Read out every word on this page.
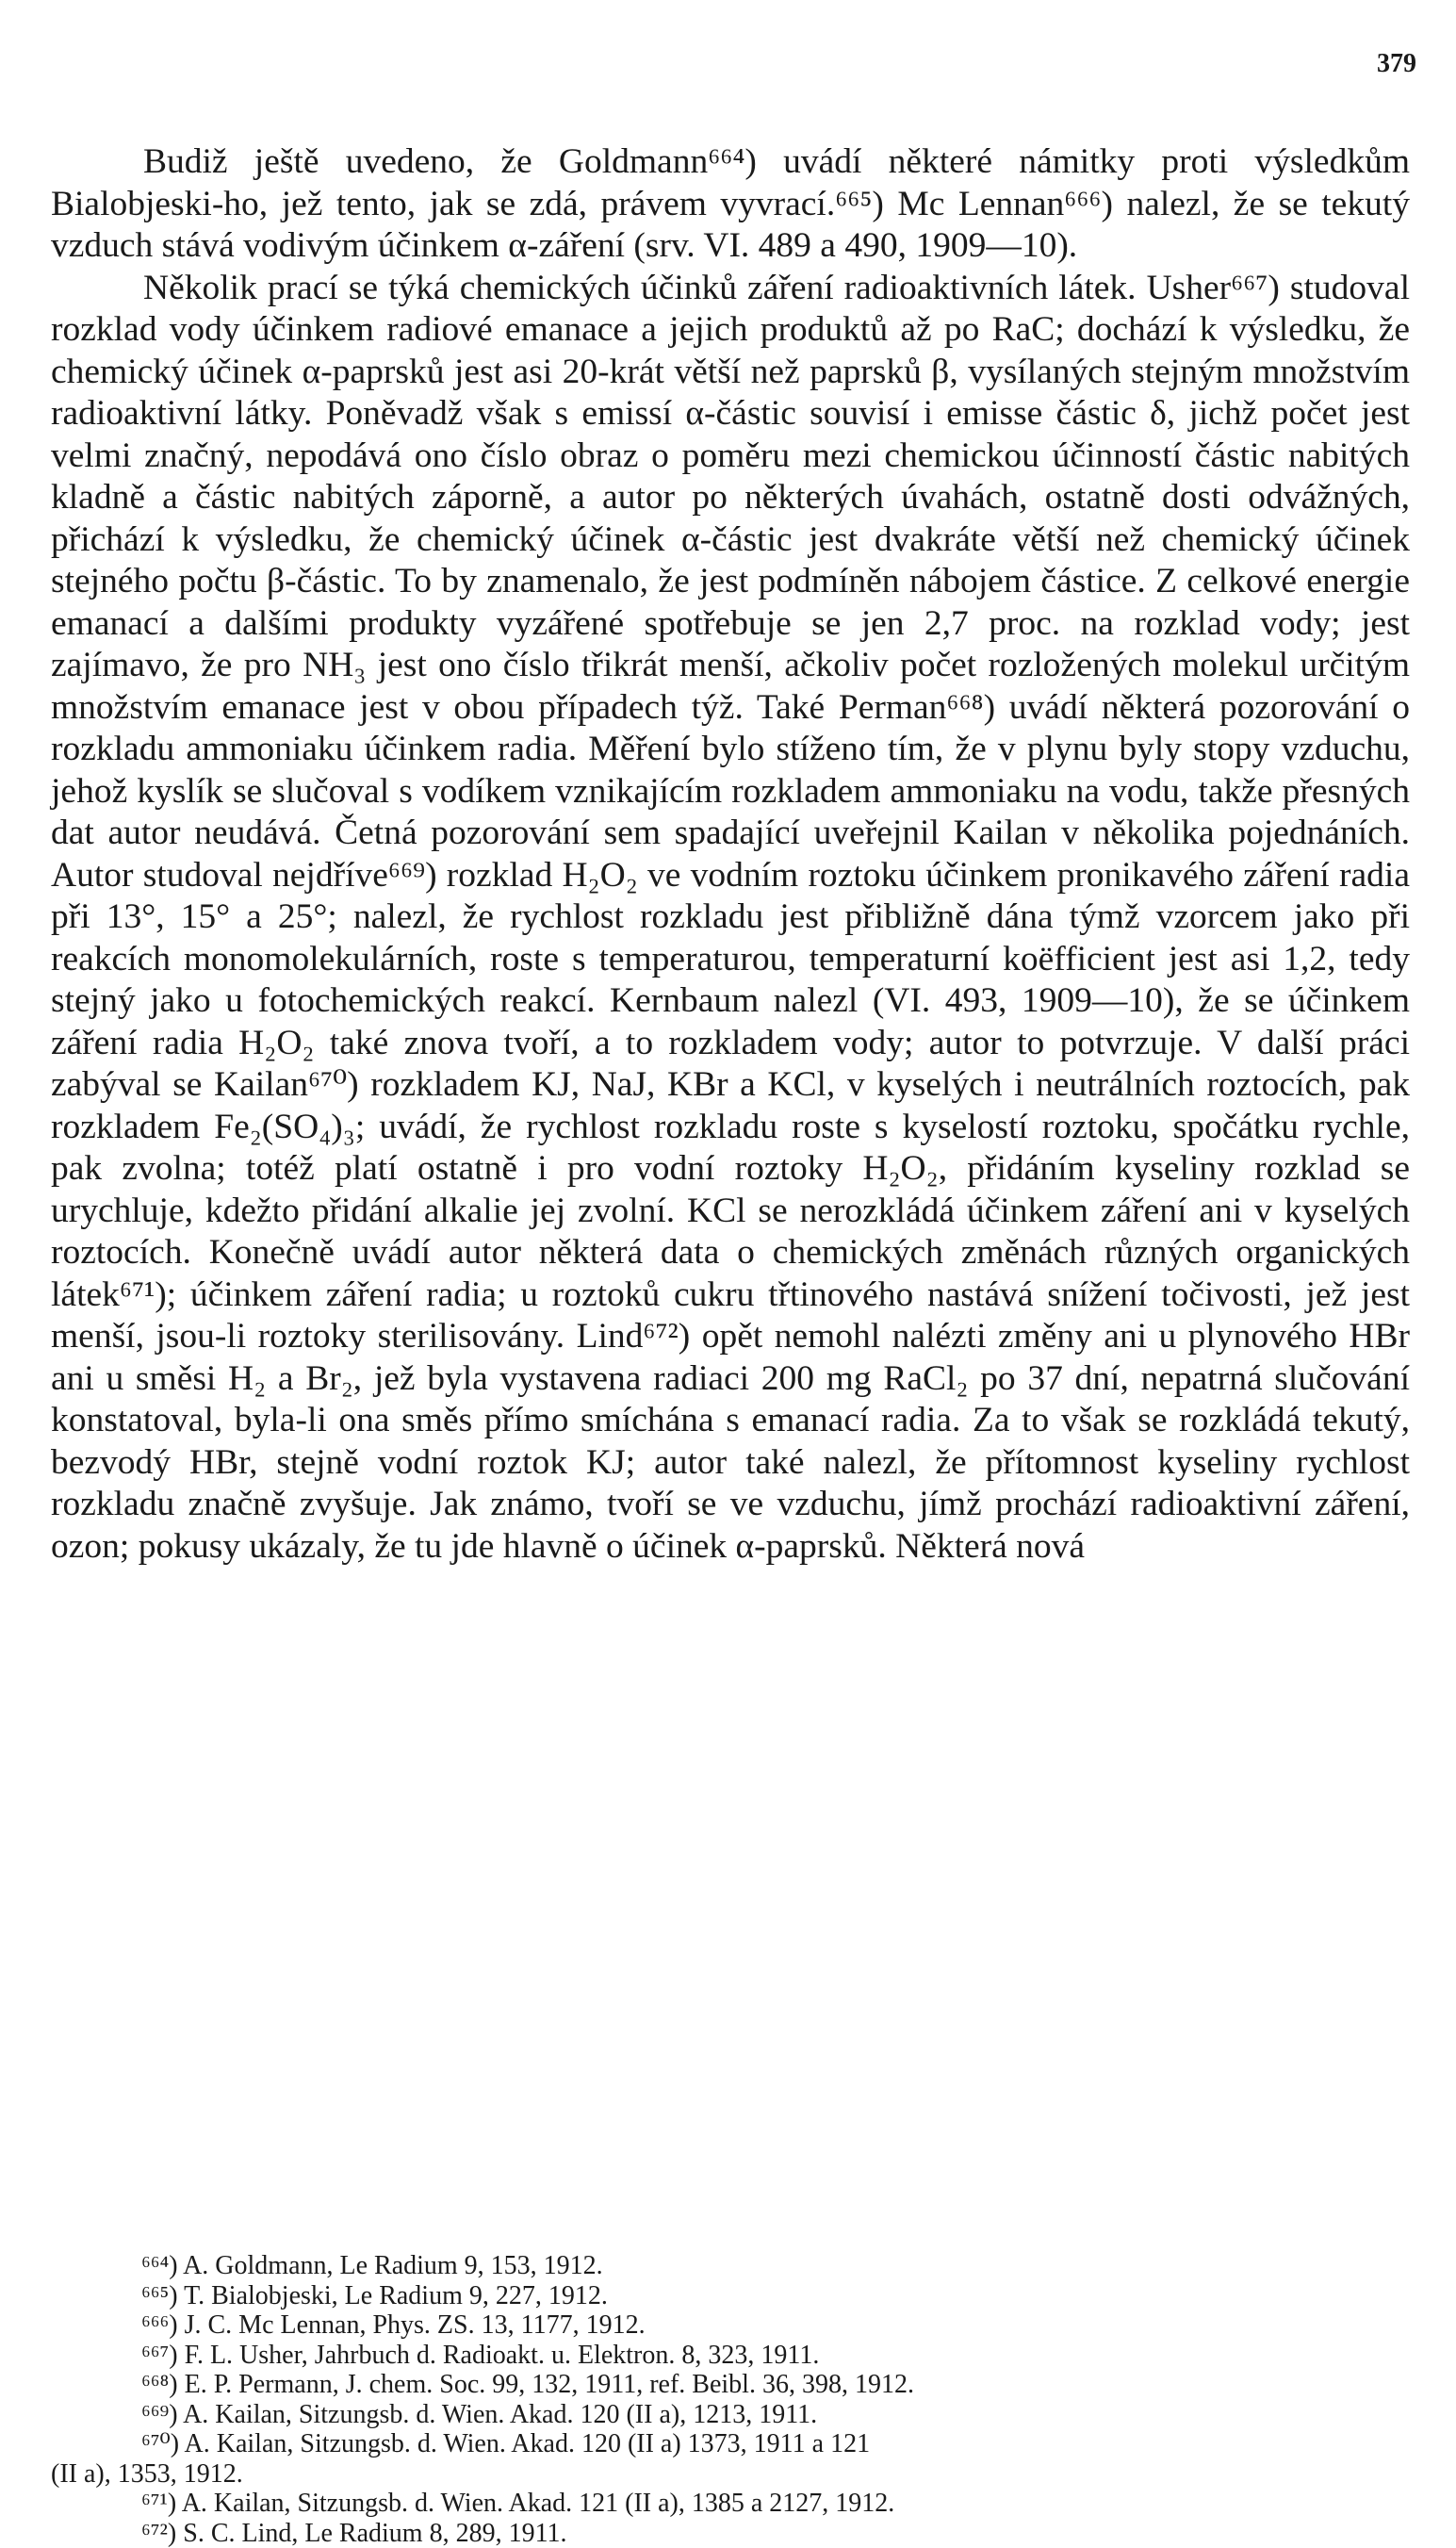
379

Budiž ještě uvedeno, že Goldmann⁶⁶⁴) uvádí některé námitky proti výsledkům Bialobjeski-ho, jež tento, jak se zdá, právem vyvrací.⁶⁶⁵) Mc Lennan⁶⁶⁶) nalezl, že se tekutý vzduch stává vodivým účinkem α-záření (srv. VI. 489 a 490, 1909—10).

Několik prací se týká chemických účinků záření radioaktivních látek. Usher⁶⁶⁷) studoval rozklad vody účinkem radiové emanace a jejich produktů až po RaC; dochází k výsledku, že chemický účinek α-paprsků jest asi 20-krát větší než paprsků β, vysílaných stejným množstvím radioaktivní látky. Poněvadž však s emissí α-částic souvisí i emisse částic δ, jichž počet jest velmi značný, nepodává ono číslo obraz o poměru mezi chemickou účinností částic nabitých kladně a částic nabitých záporně, a autor po některých úvahách, ostatně dosti odvážných, přichází k výsledku, že chemický účinek α-částic jest dvakráte větší než chemický účinek stejného počtu β-částic. To by znamenalo, že jest podmíněn nábojem částice. Z celkové energie emanací a dalšími produkty vyzářené spotřebuje se jen 2,7 proc. na rozklad vody; jest zajímavo, že pro NH₃ jest ono číslo třikrát menší, ačkoliv počet rozložených molekul určitým množstvím emanace jest v obou případech týž. Také Perman⁶⁶⁸) uvádí některá pozorování o rozkladu ammoniaku účinkem radia. Měření bylo stíženo tím, že v plynu byly stopy vzduchu, jehož kyslík se slučoval s vodíkem vznikajícím rozkladem ammoniaku na vodu, takže přesných dat autor neudává. Četná pozorování sem spadající uveřejnil Kailan v několika pojednáních. Autor studoval nejdříve⁶⁶⁹) rozklad H₂O₂ ve vodním roztoku účinkem pronikavého záření radia při 13°, 15° a 25°; nalezl, že rychlost rozkladu jest přibližně dána týmž vzorcem jako při reakcích monomolekulárních, roste s temperaturou, temperaturní koëfficient jest asi 1,2, tedy stejný jako u fotochemických reakcí. Kernbaum nalezl (VI. 493, 1909—10), že se účinkem záření radia H₂O₂ také znova tvoří, a to rozkladem vody; autor to potvrzuje. V další práci zabýval se Kailan⁶⁷⁰) rozkladem KJ, NaJ, KBr a KCl, v kyselých i neutrálních roztocích, pak rozkladem Fe₂(SO₄)₃; uvádí, že rychlost rozkladu roste s kyselostí roztoku, spočátku rychle, pak zvolna; totéž platí ostatně i pro vodní roztoky H₂O₂, přidáním kyseliny rozklad se urychluje, kdežto přidání alkalie jej zvolní. KCl se nerozkládá účinkem záření ani v kyselých roztocích. Konečně uvádí autor některá data o chemických změnách různých organických látek⁶⁷¹); účinkem záření radia; u roztoků cukru třtinového nastává snížení točivosti, jež jest menší, jsou-li roztoky sterilisovány. Lind⁶⁷²) opět nemohl nalézti změny ani u plynového HBr ani u směsi H₂ a Br₂, jež byla vystavena radiaci 200 mg RaCl₂ po 37 dní, nepatrná slučování konstatoval, byla-li ona směs přímo smíchána s emanací radia. Za to však se rozkládá tekutý, bezvodý HBr, stejně vodní roztok KJ; autor také nalezl, že přítomnost kyseliny rychlost rozkladu značně zvyšuje. Jak známo, tvoří se ve vzduchu, jímž prochází radioaktivní záření, ozon; pokusy ukázaly, že tu jde hlavně o účinek α-paprsků. Některá nová

⁶⁶⁴) A. Goldmann, Le Radium 9, 153, 1912.

⁶⁶⁵) T. Bialobjeski, Le Radium 9, 227, 1912.

⁶⁶⁶) J. C. Mc Lennan, Phys. ZS. 13, 1177, 1912.

⁶⁶⁷) F. L. Usher, Jahrbuch d. Radioakt. u. Elektron. 8, 323, 1911.

⁶⁶⁸) E. P. Permann, J. chem. Soc. 99, 132, 1911, ref. Beibl. 36, 398, 1912.

⁶⁶⁹) A. Kailan, Sitzungsb. d. Wien. Akad. 120 (II a), 1213, 1911.

⁶⁷⁰) A. Kailan, Sitzungsb. d. Wien. Akad. 120 (II a) 1373, 1911 a 121

(II a), 1353, 1912.

⁶⁷¹) A. Kailan, Sitzungsb. d. Wien. Akad. 121 (II a), 1385 a 2127, 1912.

⁶⁷²) S. C. Lind, Le Radium 8, 289, 1911.
